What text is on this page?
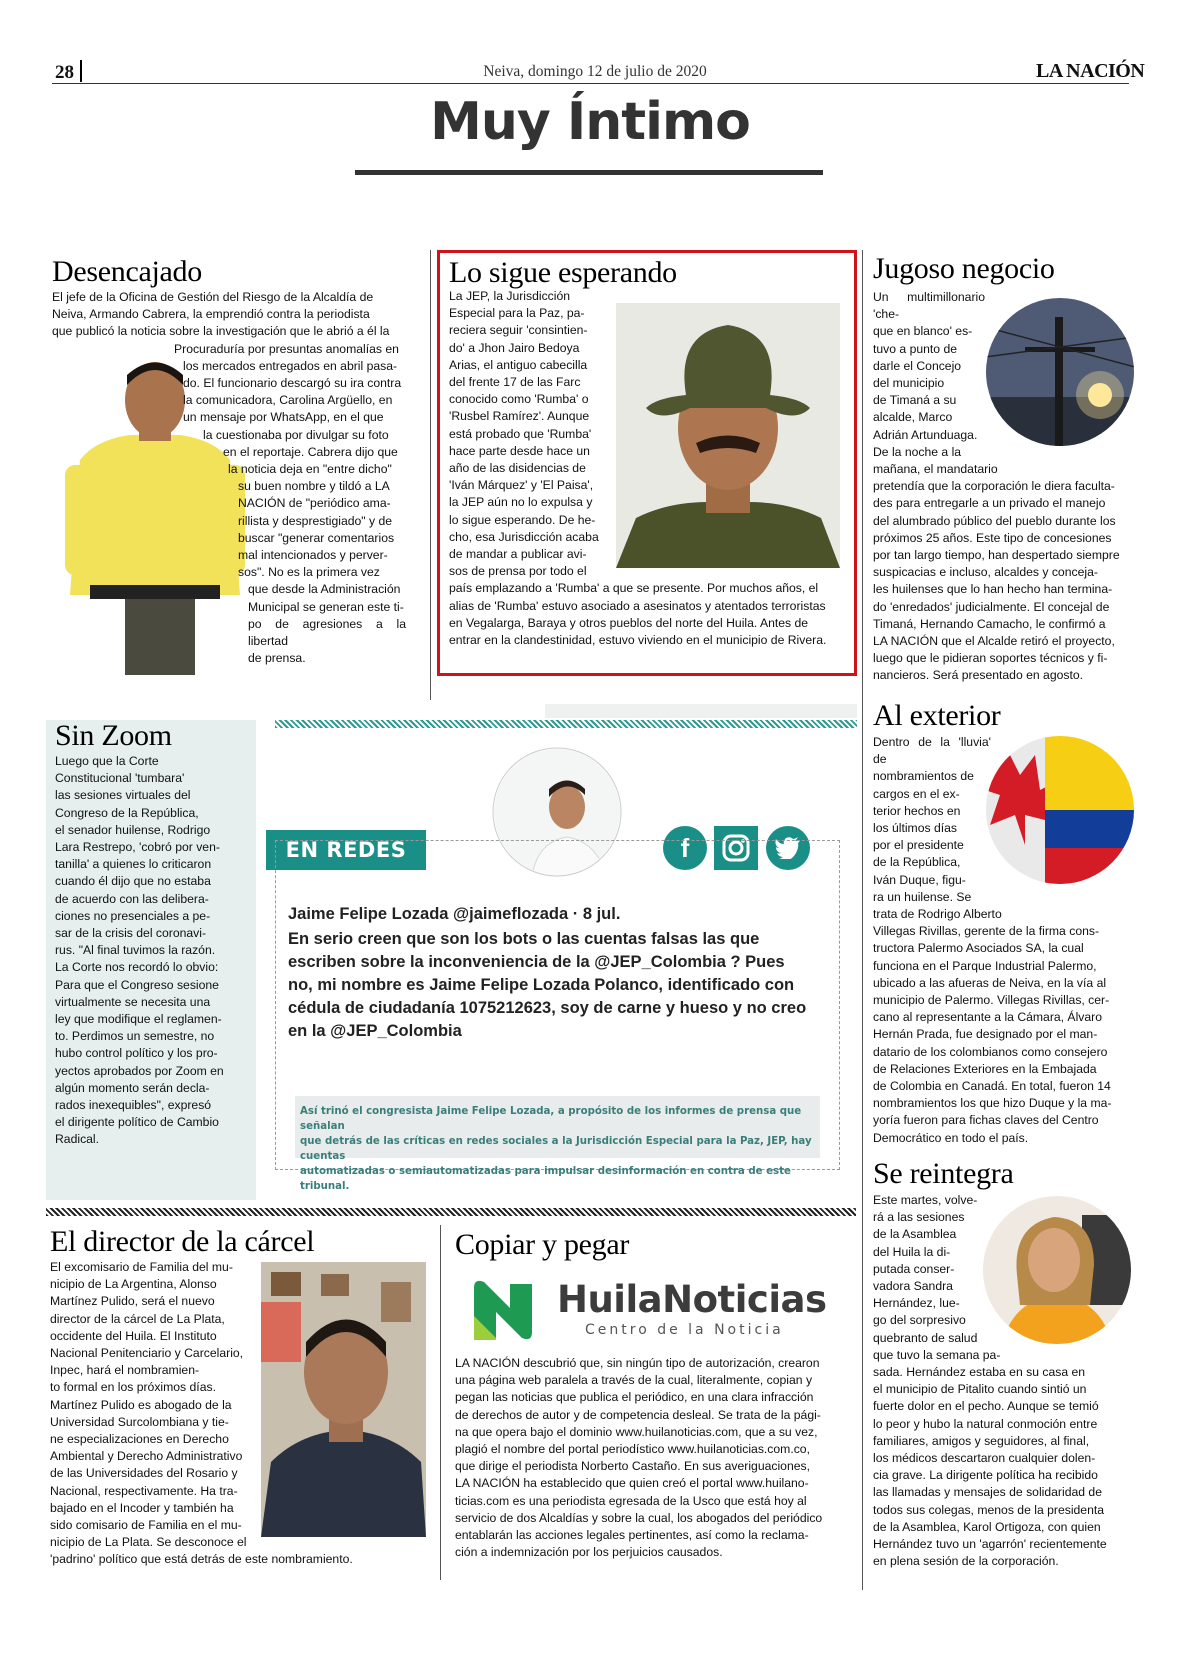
28	Neiva, domingo 12 de julio de 2020	LA NACIÓN
Muy Íntimo
Desencajado
El jefe de la Oficina de Gestión del Riesgo de la Alcaldía de
Neiva, Armando Cabrera, la emprendió contra la periodista
que publicó la noticia sobre la investigación que le abrió a él la
Procuraduría por presuntas anomalías en
los mercados entregados en abril pasa-
do. El funcionario descargó su ira contra
la comunicadora, Carolina Argüello, en
un mensaje por WhatsApp, en el que
la cuestionaba por divulgar su foto
en el reportaje. Cabrera dijo que
la noticia deja en "entre dicho"
su buen nombre y tildó a LA
NACIÓN de "periódico ama-
rillista y desprestigiado" y de
buscar "generar comentarios
mal intencionados y perver-
sos". No es la primera vez
que desde la Administración
Municipal se generan este ti-
po de agresiones a la libertad
de prensa.
Lo sigue esperando
La JEP, la Jurisdicción
Especial para la Paz, pa-
reciera seguir 'consintien-
do' a Jhon Jairo Bedoya
Arias, el antiguo cabecilla
del frente 17 de las Farc
conocido como 'Rumba' o
'Rusbel Ramírez'. Aunque
está probado que 'Rumba'
hace parte desde hace un
año de las disidencias de
'Iván Márquez' y 'El Paisa',
la JEP aún no lo expulsa y
lo sigue esperando. De he-
cho, esa Jurisdicción acaba
de mandar a publicar avi-
sos de prensa por todo el
país emplazando a 'Rumba' a que se presente. Por muchos años, el
alias de 'Rumba' estuvo asociado a asesinatos y atentados terroristas
en Vegalarga, Baraya y otros pueblos del norte del Huila. Antes de
entrar en la clandestinidad, estuvo viviendo en el municipio de Rivera.
Jugoso negocio
Un multimillonario 'che-
que en blanco' es-
tuvo a punto de
darle el Concejo
del municipio
de Timaná a su
alcalde, Marco
Adrián Artunduaga.
De la noche a la
mañana, el mandatario
pretendía que la corporación le diera faculta-
des para entregarle a un privado el manejo
del alumbrado público del pueblo durante los
próximos 25 años. Este tipo de concesiones
por tan largo tiempo, han despertado siempre
suspicacias e incluso, alcaldes y conceja-
les huilenses que lo han hecho han termina-
do 'enredados' judicialmente. El concejal de
Timaná, Hernando Camacho, le confirmó a
LA NACIÓN que el Alcalde retiró el proyecto,
luego que le pidieran soportes técnicos y fi-
nancieros. Será presentado en agosto.
Sin Zoom
Luego que la Corte
Constitucional 'tumbara'
las sesiones virtuales del
Congreso de la República,
el senador huilense, Rodrigo
Lara Restrepo, 'cobró por ven-
tanilla' a quienes lo criticaron
cuando él dijo que no estaba
de acuerdo con las delibera-
ciones no presenciales a pe-
sar de la crisis del coronavi-
rus. "Al final tuvimos la razón.
La Corte nos recordó lo obvio:
Para que el Congreso sesione
virtualmente se necesita una
ley que modifique el reglamen-
to. Perdimos un semestre, no
hubo control político y los pro-
yectos aprobados por Zoom en
algún momento serán decla-
rados inexequibles", expresó
el dirigente político de Cambio
Radical.
EN REDES	f
Jaime Felipe Lozada @jaimeflozada · 8 jul.
En serio creen que son los bots o las cuentas falsas las que
escriben sobre la inconveniencia de la @JEP_Colombia ? Pues
no, mi nombre es Jaime Felipe Lozada Polanco, identificado con
cédula de ciudadanía 1075212623, soy de carne y hueso y no creo
en la @JEP_Colombia
Así trinó el congresista Jaime Felipe Lozada, a propósito de los informes de prensa que señalan
que detrás de las críticas en redes sociales a la Jurisdicción Especial para la Paz, JEP, hay cuentas
automatizadas o semiautomatizadas para impulsar desinformación en contra de este tribunal.
Al exterior
Dentro de la 'lluvia' de
nombramientos de
cargos en el ex-
terior hechos en
los últimos días
por el presidente
de la República,
Iván Duque, figu-
ra un huilense. Se
trata de Rodrigo Alberto
Villegas Rivillas, gerente de la firma cons-
tructora Palermo Asociados SA, la cual
funciona en el Parque Industrial Palermo,
ubicado a las afueras de Neiva, en la vía al
municipio de Palermo. Villegas Rivillas, cer-
cano al representante a la Cámara, Álvaro
Hernán Prada, fue designado por el man-
datario de los colombianos como consejero
de Relaciones Exteriores en la Embajada
de Colombia en Canadá. En total, fueron 14
nombramientos los que hizo Duque y la ma-
yoría fueron para fichas claves del Centro
Democrático en todo el país.
El director de la cárcel
El excomisario de Familia del mu-
nicipio de La Argentina, Alonso
Martínez Pulido, será el nuevo
director de la cárcel de La Plata,
occidente del Huila. El Instituto
Nacional Penitenciario y Carcelario,
Inpec, hará el nombramien-
to formal en los próximos días.
Martínez Pulido es abogado de la
Universidad Surcolombiana y tie-
ne especializaciones en Derecho
Ambiental y Derecho Administrativo
de las Universidades del Rosario y
Nacional, respectivamente. Ha tra-
bajado en el Incoder y también ha
sido comisario de Familia en el mu-
nicipio de La Plata. Se desconoce el
'padrino' político que está detrás de este nombramiento.
Copiar y pegar
HuilaNoticias
Centro de la Noticia
LA NACIÓN descubrió que, sin ningún tipo de autorización, crearon
una página web paralela a través de la cual, literalmente, copian y
pegan las noticias que publica el periódico, en una clara infracción
de derechos de autor y de competencia desleal. Se trata de la pági-
na que opera bajo el dominio www.huilanoticias.com, que a su vez,
plagió el nombre del portal periodístico www.huilanoticias.com.co,
que dirige el periodista Norberto Castaño. En sus averiguaciones,
LA NACIÓN ha establecido que quien creó el portal www.huilano-
ticias.com es una periodista egresada de la Usco que está hoy al
servicio de dos Alcaldías y sobre la cual, los abogados del periódico
entablarán las acciones legales pertinentes, así como la reclama-
ción a indemnización por los perjuicios causados.
Se reintegra
Este martes, volve-
rá a las sesiones
de la Asamblea
del Huila la di-
putada conser-
vadora Sandra
Hernández, lue-
go del sorpresivo
quebranto de salud
que tuvo la semana pa-
sada. Hernández estaba en su casa en
el municipio de Pitalito cuando sintió un
fuerte dolor en el pecho. Aunque se temió
lo peor y hubo la natural conmoción entre
familiares, amigos y seguidores, al final,
los médicos descartaron cualquier dolen-
cia grave. La dirigente política ha recibido
las llamadas y mensajes de solidaridad de
todos sus colegas, menos de la presidenta
de la Asamblea, Karol Ortigoza, con quien
Hernández tuvo un 'agarrón' recientemente
en plena sesión de la corporación.
